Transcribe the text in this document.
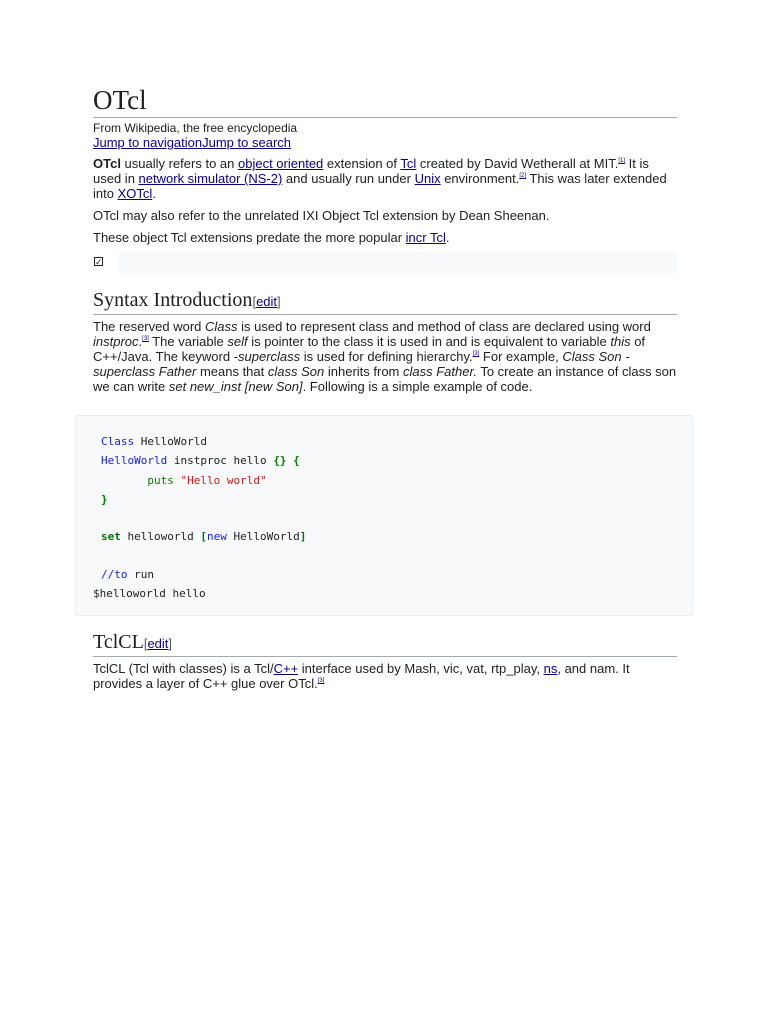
OTcl
From Wikipedia, the free encyclopedia
Jump to navigationJump to search

OTcl usually refers to an object oriented extension of Tcl created by David Wetherall at MIT.[1] It is used in network simulator (NS-2) and usually run under Unix environment.[2] This was later extended into XOTcl.

OTcl may also refer to the unrelated IXI Object Tcl extension by Dean Sheenan.

These object Tcl extensions predate the more popular incr Tcl.

✓
Syntax Introduction[edit]

The reserved word Class is used to represent class and method of class are declared using word instproc.[3] The variable self is pointer to the class it is used in and is equivalent to variable this of C++/Java. The keyword -superclass is used for defining hierarchy.[3] For example, Class Son -superclass Father means that class Son inherits from class Father. To create an instance of class son we can write set new_inst [new Son]. Following is a simple example of code.

Class HelloWorld
HelloWorld instproc hello {} {
puts "Hello world"
}
set helloworld [new HelloWorld]
//to run
$helloworld hello
TclCL[edit]

TclCL (Tcl with classes) is a Tcl/C++ interface used by Mash, vic, vat, rtp_play, ns, and nam. It provides a layer of C++ glue over OTcl.[3]
